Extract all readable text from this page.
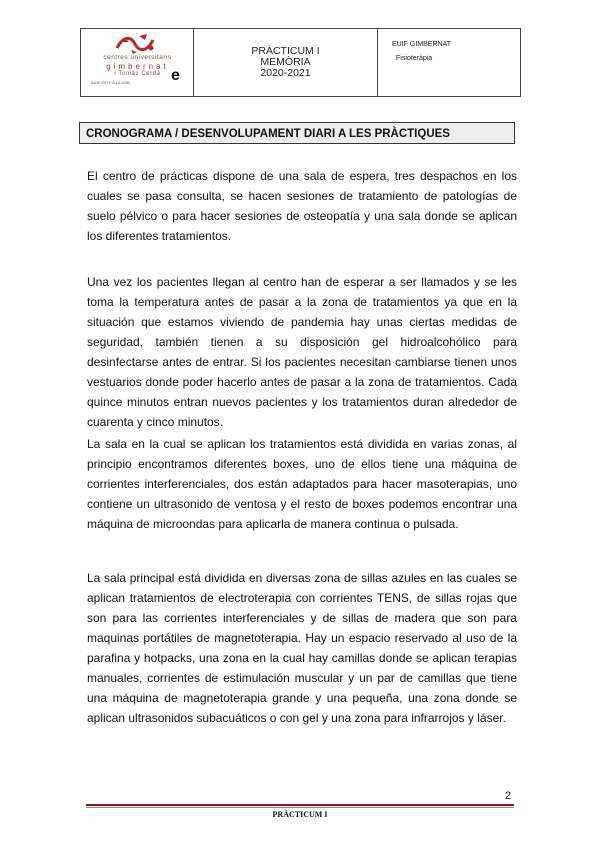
centres universitaris
gimbernat
i Tomàs Cerdà
ADSCRITS A LA UAB	e
PRÀCTICUM I
MEMÒRIA
2020-2021
EUIF GIMBERNAT
Fisioteràpia
CRONOGRAMA / DESENVOLUPAMENT DIARI A LES PRÀCTIQUES

El centro de prácticas dispone de una sala de espera, tres despachos en los cuales se pasa consulta, se hacen sesiones de tratamiento de patologías de suelo pélvico o para hacer sesiones de osteopatía y una sala donde se aplican los diferentes tratamientos.

Una vez los pacientes llegan al centro han de esperar a ser llamados y se les toma la temperatura antes de pasar a la zona de tratamientos ya que en la situación que estamos viviendo de pandemia hay unas ciertas medidas de seguridad, también tienen a su disposición gel hidroalcohólico para desinfectarse antes de entrar. Si los pacientes necesitan cambiarse tienen unos vestuarios donde poder hacerlo antes de pasar a la zona de tratamientos. Cada quince minutos entran nuevos pacientes y los tratamientos duran alrededor de cuarenta y cinco minutos.

La sala en la cual se aplican los tratamientos está dividida en varias zonas, al principio encontramos diferentes boxes, uno de ellos tiene una máquina de corrientes interferenciales, dos están adaptados para hacer masoterapias, uno contiene un ultrasonido de ventosa y el resto de boxes podemos encontrar una máquina de microondas para aplicarla de manera continua o pulsada.

La sala principal está dividida en diversas zona de sillas azules en las cuales se aplican tratamientos de electroterapia con corrientes TENS, de sillas rojas que son para las corrientes interferenciales y de sillas de madera que son para maquinas portátiles de magnetoterapia. Hay un espacio reservado al uso de la parafina y hotpacks, una zona en la cual hay camillas donde se aplican terapias manuales, corrientes de estimulación muscular y un par de camillas que tiene una máquina de magnetoterapia grande y una pequeña, una zona donde se aplican ultrasonidos subacuáticos o con gel y una zona para infrarrojos y láser.

2
PRÀCTICUM I
